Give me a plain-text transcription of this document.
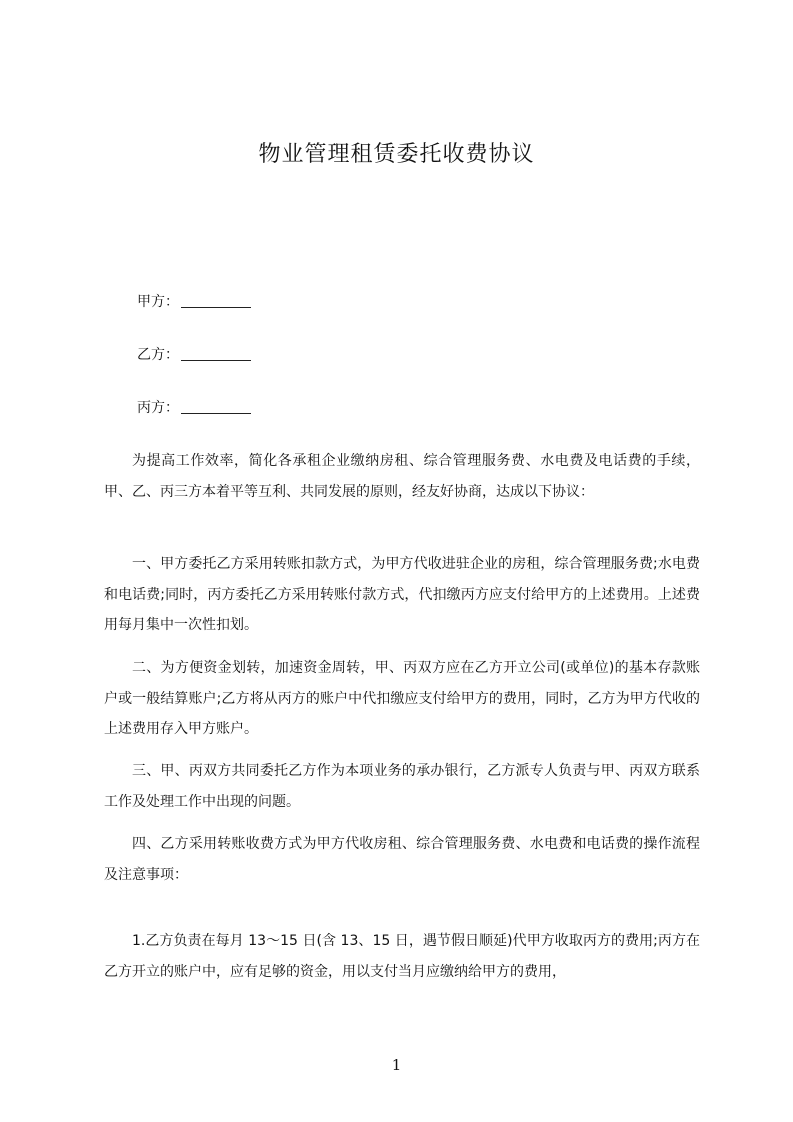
物业管理租赁委托收费协议
甲方：
乙方：
丙方：

为提高工作效率，简化各承租企业缴纳房租、综合管理服务费、水电费及电话费的手续，甲、乙、丙三方本着平等互利、共同发展的原则，经友好协商，达成以下协议：

一、甲方委托乙方采用转账扣款方式，为甲方代收进驻企业的房租，综合管理服务费;水电费和电话费;同时，丙方委托乙方采用转账付款方式，代扣缴丙方应支付给甲方的上述费用。上述费用每月集中一次性扣划。

二、为方便资金划转，加速资金周转，甲、丙双方应在乙方开立公司(或单位)的基本存款账户或一般结算账户;乙方将从丙方的账户中代扣缴应支付给甲方的费用，同时，乙方为甲方代收的上述费用存入甲方账户。

三、甲、丙双方共同委托乙方作为本项业务的承办银行，乙方派专人负责与甲、丙双方联系工作及处理工作中出现的问题。

四、乙方采用转账收费方式为甲方代收房租、综合管理服务费、水电费和电话费的操作流程及注意事项：

1.乙方负责在每月 13～15 日(含 13、15 日，遇节假日顺延)代甲方收取丙方的费用;丙方在乙方开立的账户中，应有足够的资金，用以支付当月应缴纳给甲方的费用，

1
